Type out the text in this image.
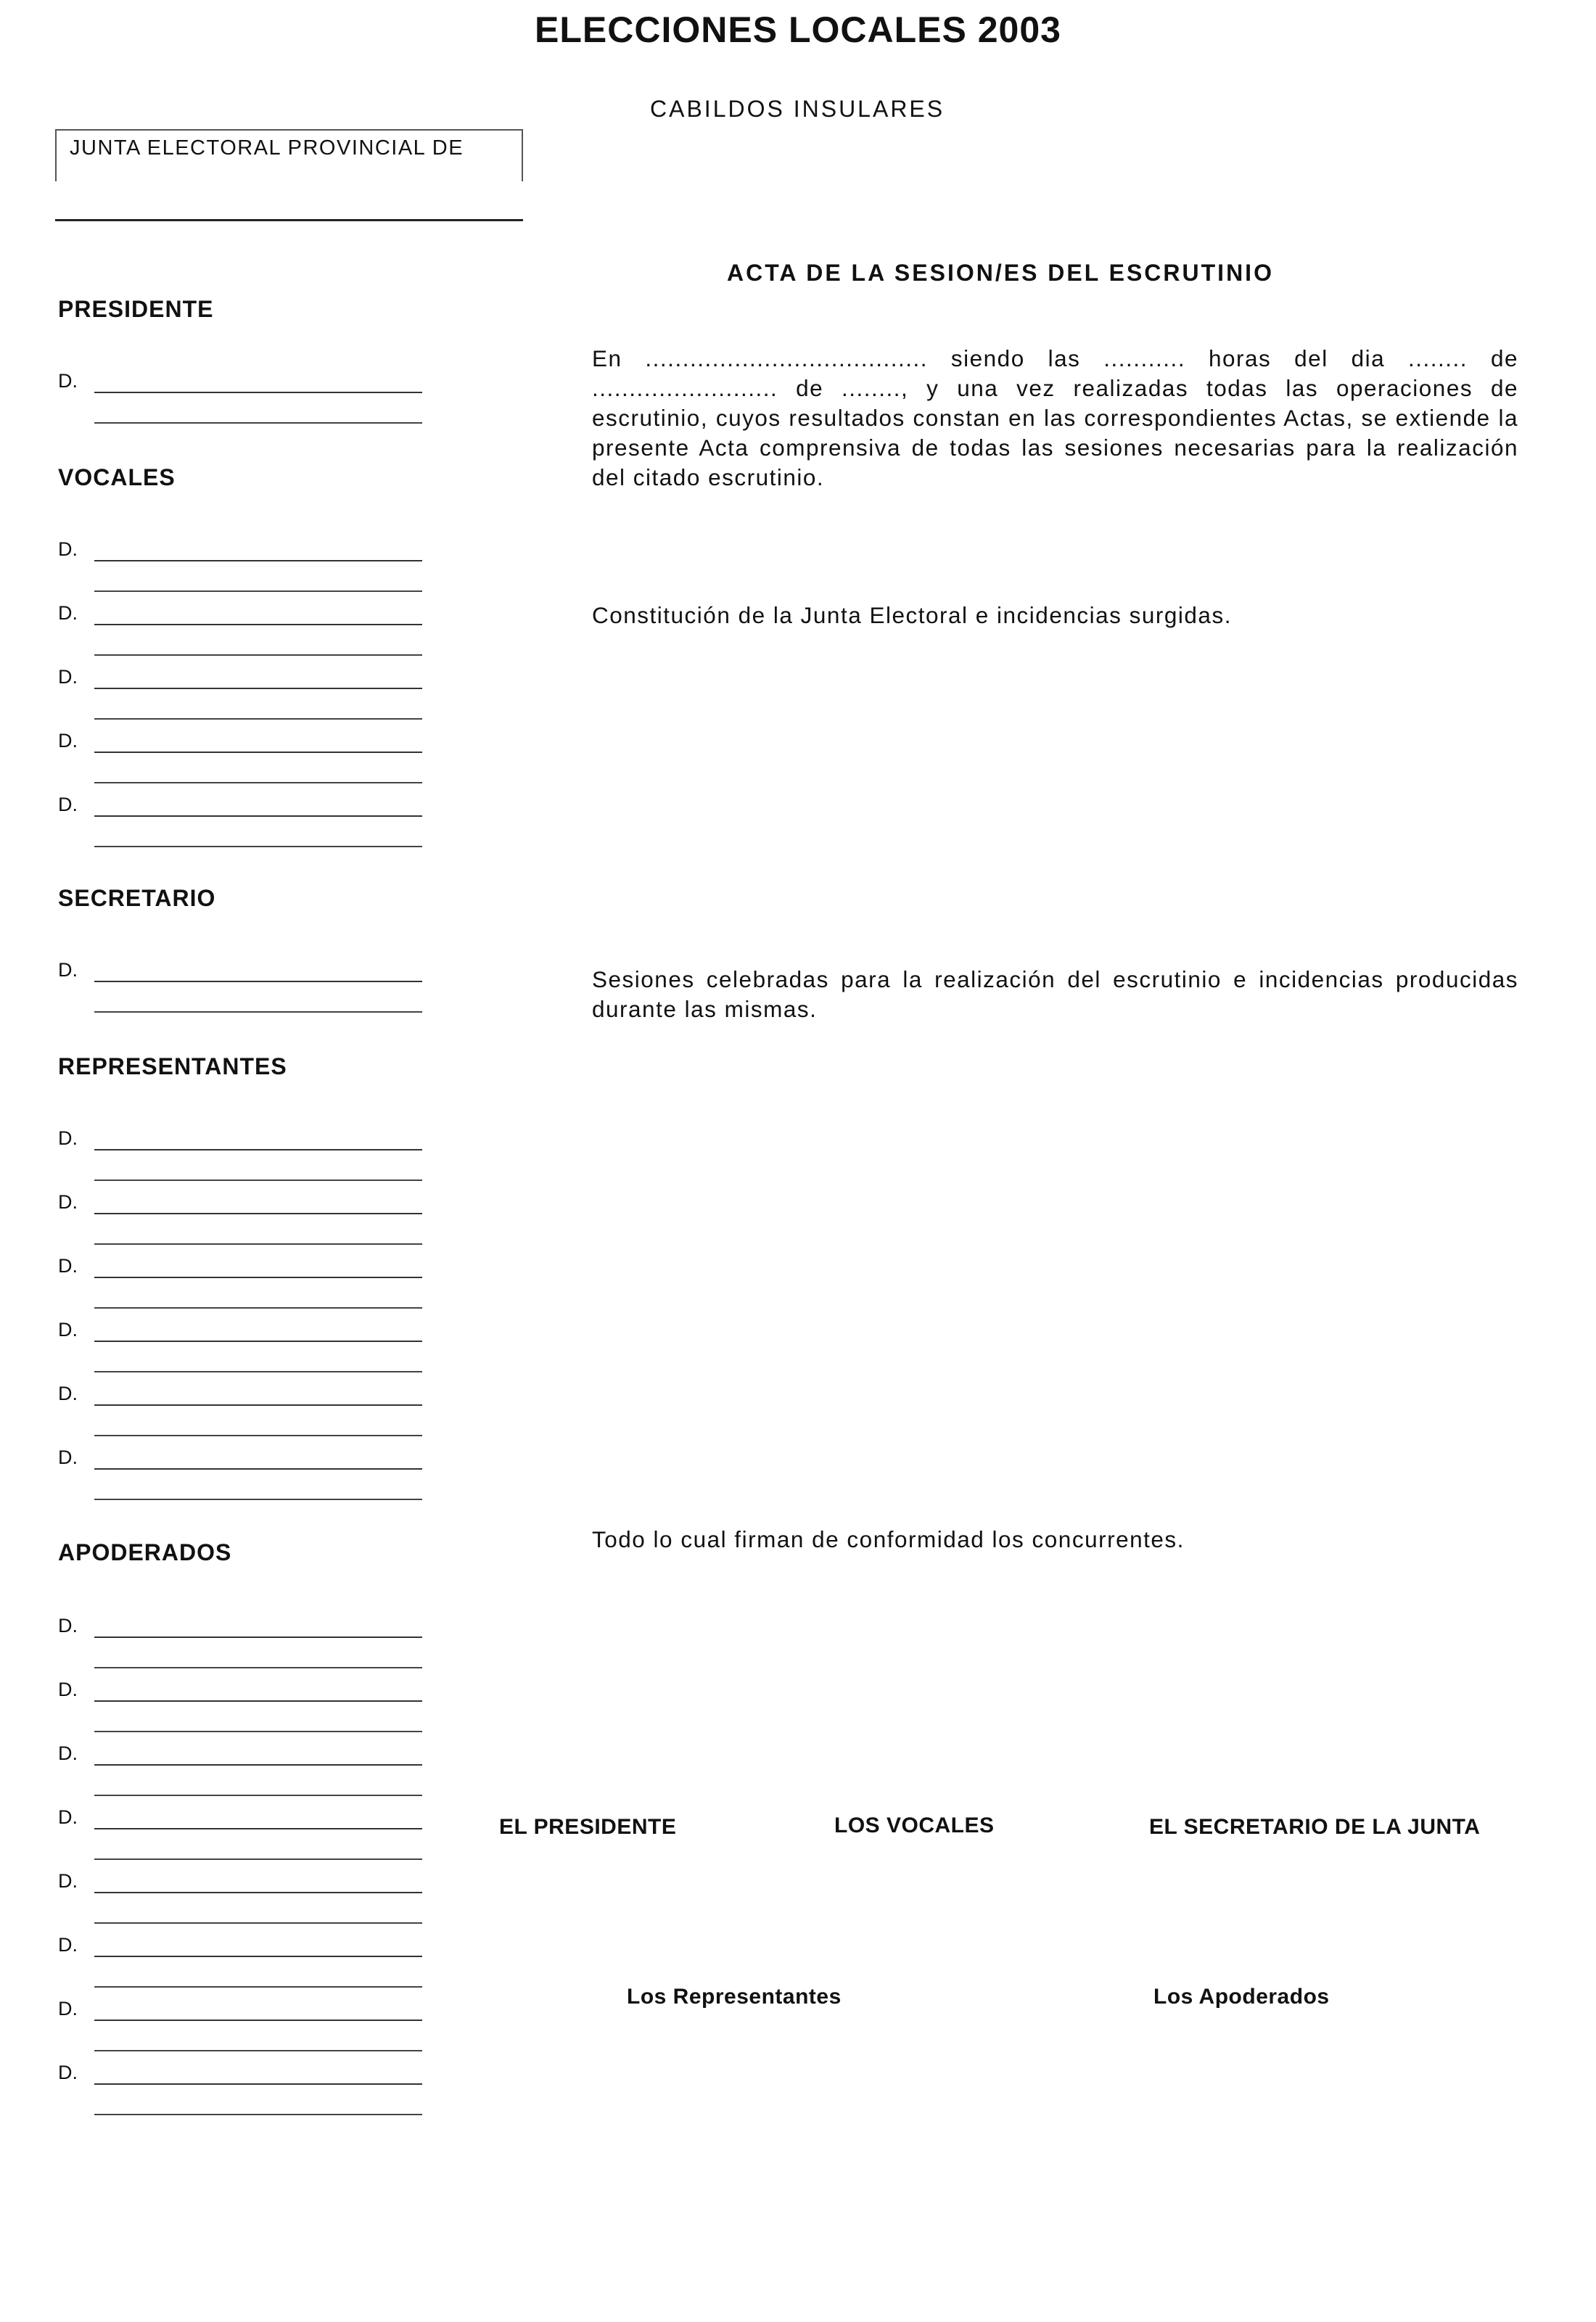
ELECCIONES LOCALES 2003
CABILDOS INSULARES
JUNTA ELECTORAL PROVINCIAL DE
PRESIDENTE
D.
VOCALES
D.
D.
D.
D.
D.
SECRETARIO
D.
REPRESENTANTES
D.
D.
D.
D.
D.
D.
APODERADOS
D.
D.
D.
D.
D.
D.
D.
D.
ACTA DE LA SESION/ES DEL ESCRUTINIO
En ...................................... siendo las ........... horas del dia ........ de ......................... de ........, y una vez realizadas todas las operaciones de escrutinio, cuyos resultados constan en las correspondientes Actas, se extiende la presente Acta comprensiva de todas las sesiones necesarias para la realización del citado escrutinio.
Constitución de la Junta Electoral e incidencias surgidas.
Sesiones celebradas para la realización del escrutinio e incidencias producidas durante las mismas.
Todo lo cual firman de conformidad los concurrentes.
EL PRESIDENTE	LOS VOCALES	EL SECRETARIO DE LA JUNTA
Los Representantes	Los Apoderados
